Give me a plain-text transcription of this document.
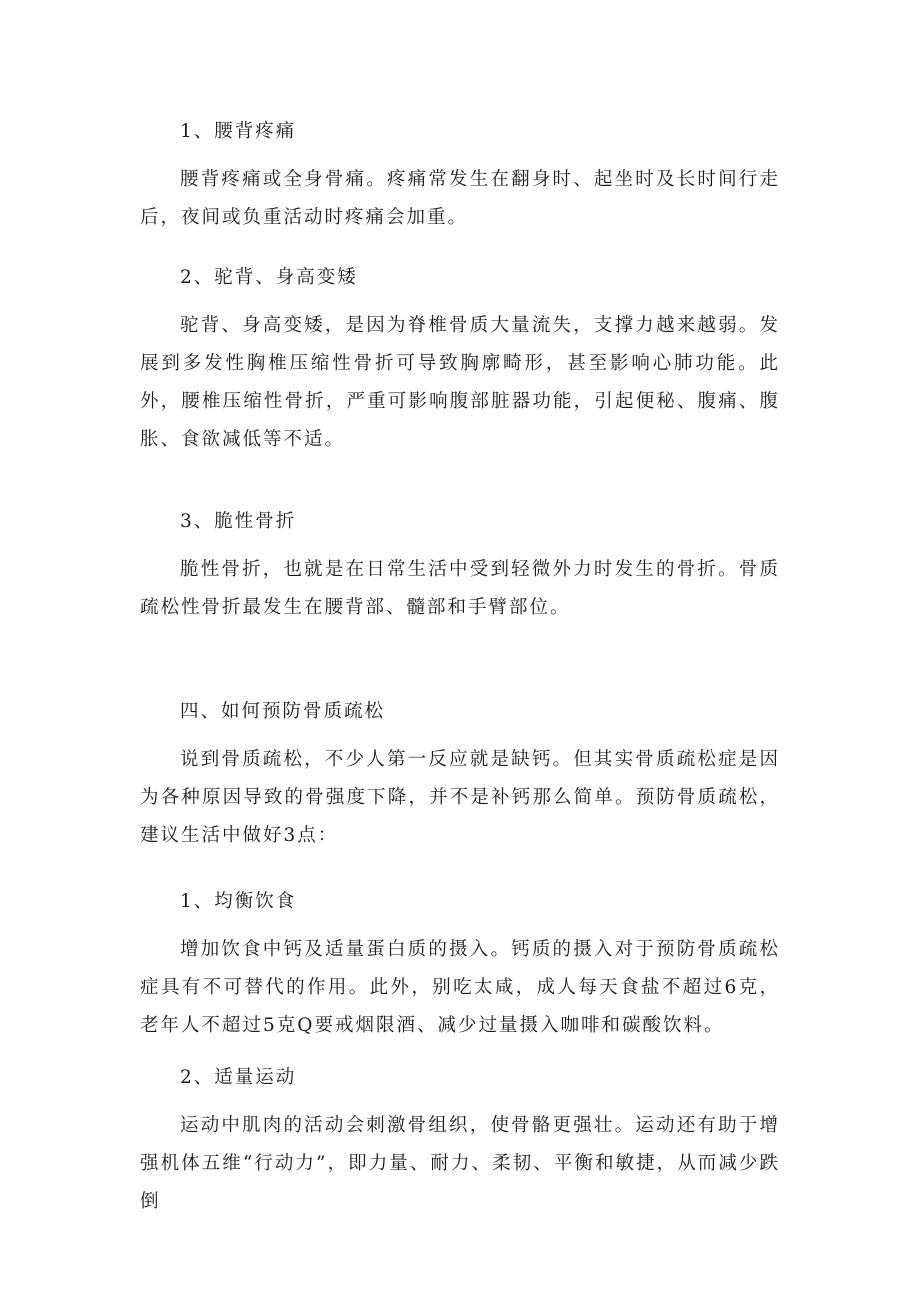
1、腰背疼痛

腰背疼痛或全身骨痛。疼痛常发生在翻身时、起坐时及长时间行走后，夜间或负重活动时疼痛会加重。

2、驼背、身高变矮

驼背、身高变矮，是因为脊椎骨质大量流失，支撑力越来越弱。发展到多发性胸椎压缩性骨折可导致胸廓畸形，甚至影响心肺功能。此外，腰椎压缩性骨折，严重可影响腹部脏器功能，引起便秘、腹痛、腹胀、食欲减低等不适。

3、脆性骨折

脆性骨折，也就是在日常生活中受到轻微外力时发生的骨折。骨质疏松性骨折最发生在腰背部、髓部和手臂部位。

四、如何预防骨质疏松

说到骨质疏松，不少人第一反应就是缺钙。但其实骨质疏松症是因为各种原因导致的骨强度下降，并不是补钙那么简单。预防骨质疏松，建议生活中做好3点：

1、均衡饮食

增加饮食中钙及适量蛋白质的摄入。钙质的摄入对于预防骨质疏松症具有不可替代的作用。此外，别吃太咸，成人每天食盐不超过6克，老年人不超过5克Q要戒烟限酒、减少过量摄入咖啡和碳酸饮料。

2、适量运动

运动中肌肉的活动会刺激骨组织，使骨骼更强壮。运动还有助于增强机体五维“行动力”，即力量、耐力、柔韧、平衡和敏捷，从而减少跌倒
